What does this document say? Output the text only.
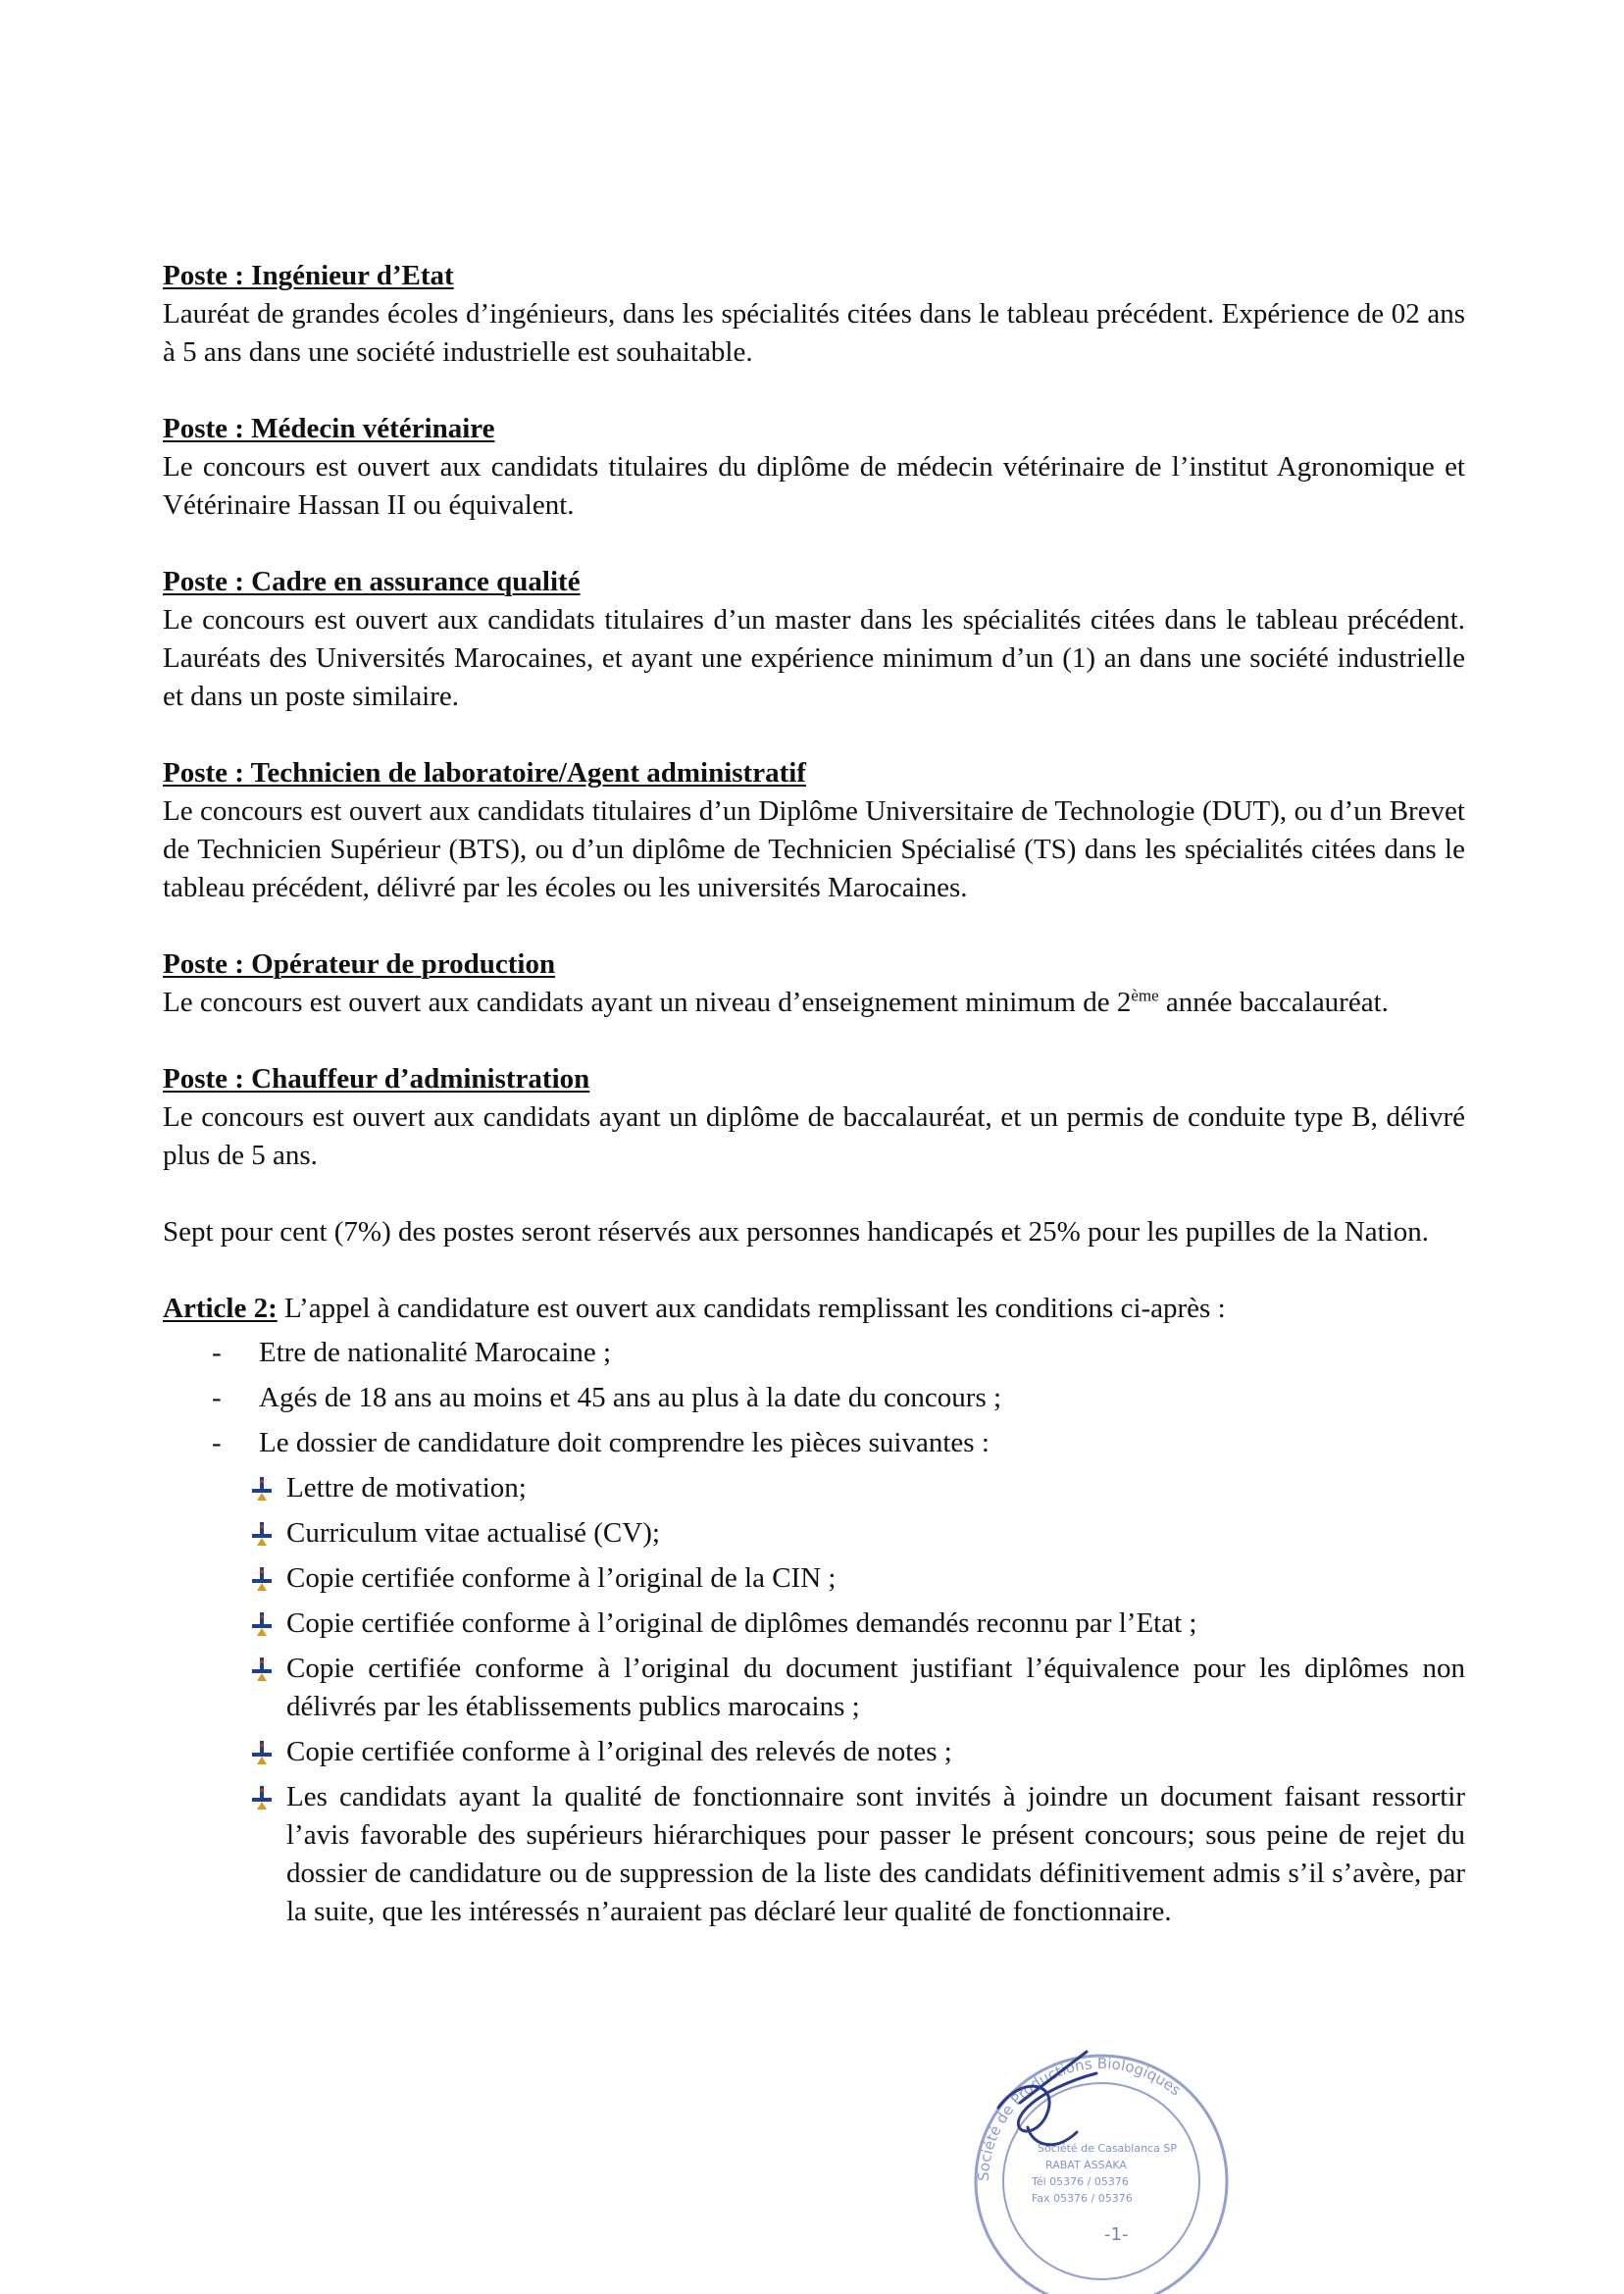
Poste : Ingénieur d’Etat

Lauréat de grandes écoles d’ingénieurs, dans les spécialités citées dans le tableau précédent. Expérience de 02 ans à 5 ans dans une société industrielle est souhaitable.

Poste : Médecin vétérinaire

Le concours est ouvert aux candidats titulaires du diplôme de médecin vétérinaire de l’institut Agronomique et Vétérinaire Hassan II ou équivalent.

Poste : Cadre en assurance qualité

Le concours est ouvert aux candidats titulaires d’un master dans les spécialités citées dans le tableau précédent. Lauréats des Universités Marocaines, et ayant une expérience minimum d’un (1) an dans une société industrielle et dans un poste similaire.

Poste : Technicien de laboratoire/Agent administratif

Le concours est ouvert aux candidats titulaires d’un Diplôme Universitaire de Technologie (DUT), ou d’un Brevet de Technicien Supérieur (BTS), ou d’un diplôme de Technicien Spécialisé (TS) dans les spécialités citées dans le tableau précédent, délivré par les écoles ou les universités Marocaines.

Poste : Opérateur de production

Le concours est ouvert aux candidats ayant un niveau d’enseignement minimum de 2ème année baccalauréat.

Poste : Chauffeur d’administration

Le concours est ouvert aux candidats ayant un diplôme de baccalauréat, et un permis de conduite type B, délivré plus de 5 ans.

Sept pour cent (7%) des postes seront réservés aux personnes handicapés et 25% pour les pupilles de la Nation.

Article 2: L’appel à candidature est ouvert aux candidats remplissant les conditions ci-après :

- Etre de nationalité Marocaine ;
- Agés de 18 ans au moins et 45 ans au plus à la date du concours ;
- Le dossier de candidature doit comprendre les pièces suivantes :
Lettre de motivation;
Curriculum vitae actualisé (CV);
Copie certifiée conforme à l’original de la CIN ;
Copie certifiée conforme à l’original de diplômes demandés reconnu par l’Etat ;
Copie certifiée conforme à l’original du document justifiant l’équivalence pour les diplômes non délivrés par les établissements publics marocains ;
Copie certifiée conforme à l’original des relevés de notes ;
Les candidats ayant la qualité de fonctionnaire sont invités à joindre un document faisant ressortir l’avis favorable des supérieurs hiérarchiques pour passer le présent concours; sous peine de rejet du dossier de candidature ou de suppression de la liste des candidats définitivement admis s’il s’avère, par la suite, que les intéressés n’auraient pas déclaré leur qualité de fonctionnaire.
Société de Productions Biologiques
Société de Casablanca SP
RABAT ASSAKA
Tél 05376 / 05376
Fax 05376 / 05376
-1-
